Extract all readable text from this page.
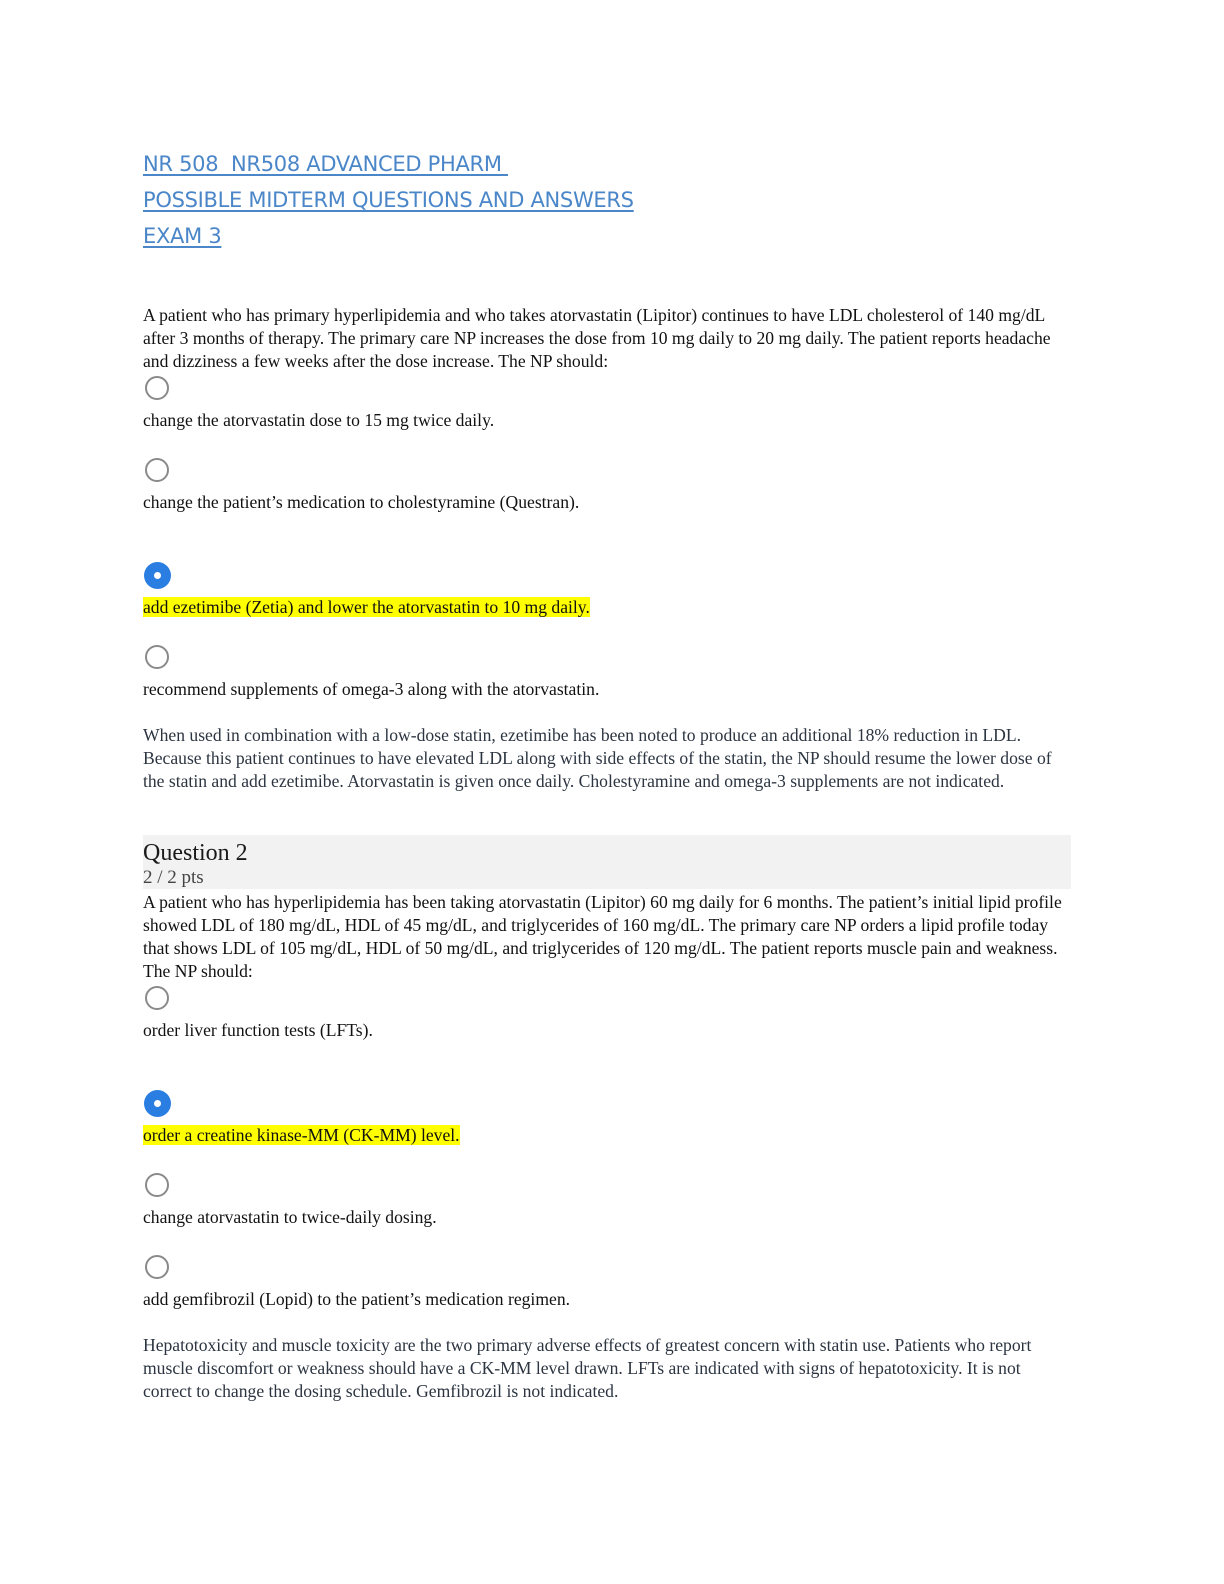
NR 508  NR508 ADVANCED PHARM
POSSIBLE MIDTERM QUESTIONS AND ANSWERS
EXAM 3
A patient who has primary hyperlipidemia and who takes atorvastatin (Lipitor) continues to have LDL cholesterol of 140 mg/dL after 3 months of therapy. The primary care NP increases the dose from 10 mg daily to 20 mg daily. The patient reports headache and dizziness a few weeks after the dose increase. The NP should:
change the atorvastatin dose to 15 mg twice daily.
change the patient’s medication to cholestyramine (Questran).
add ezetimibe (Zetia) and lower the atorvastatin to 10 mg daily.
recommend supplements of omega-3 along with the atorvastatin.
When used in combination with a low-dose statin, ezetimibe has been noted to produce an additional 18% reduction in LDL. Because this patient continues to have elevated LDL along with side effects of the statin, the NP should resume the lower dose of the statin and add ezetimibe. Atorvastatin is given once daily. Cholestyramine and omega-3 supplements are not indicated.
Question 2
2 / 2 pts
A patient who has hyperlipidemia has been taking atorvastatin (Lipitor) 60 mg daily for 6 months. The patient’s initial lipid profile showed LDL of 180 mg/dL, HDL of 45 mg/dL, and triglycerides of 160 mg/dL. The primary care NP orders a lipid profile today that shows LDL of 105 mg/dL, HDL of 50 mg/dL, and triglycerides of 120 mg/dL. The patient reports muscle pain and weakness. The NP should:
order liver function tests (LFTs).
order a creatine kinase-MM (CK-MM) level.
change atorvastatin to twice-daily dosing.
add gemfibrozil (Lopid) to the patient’s medication regimen.
Hepatotoxicity and muscle toxicity are the two primary adverse effects of greatest concern with statin use. Patients who report muscle discomfort or weakness should have a CK-MM level drawn. LFTs are indicated with signs of hepatotoxicity. It is not correct to change the dosing schedule. Gemfibrozil is not indicated.
